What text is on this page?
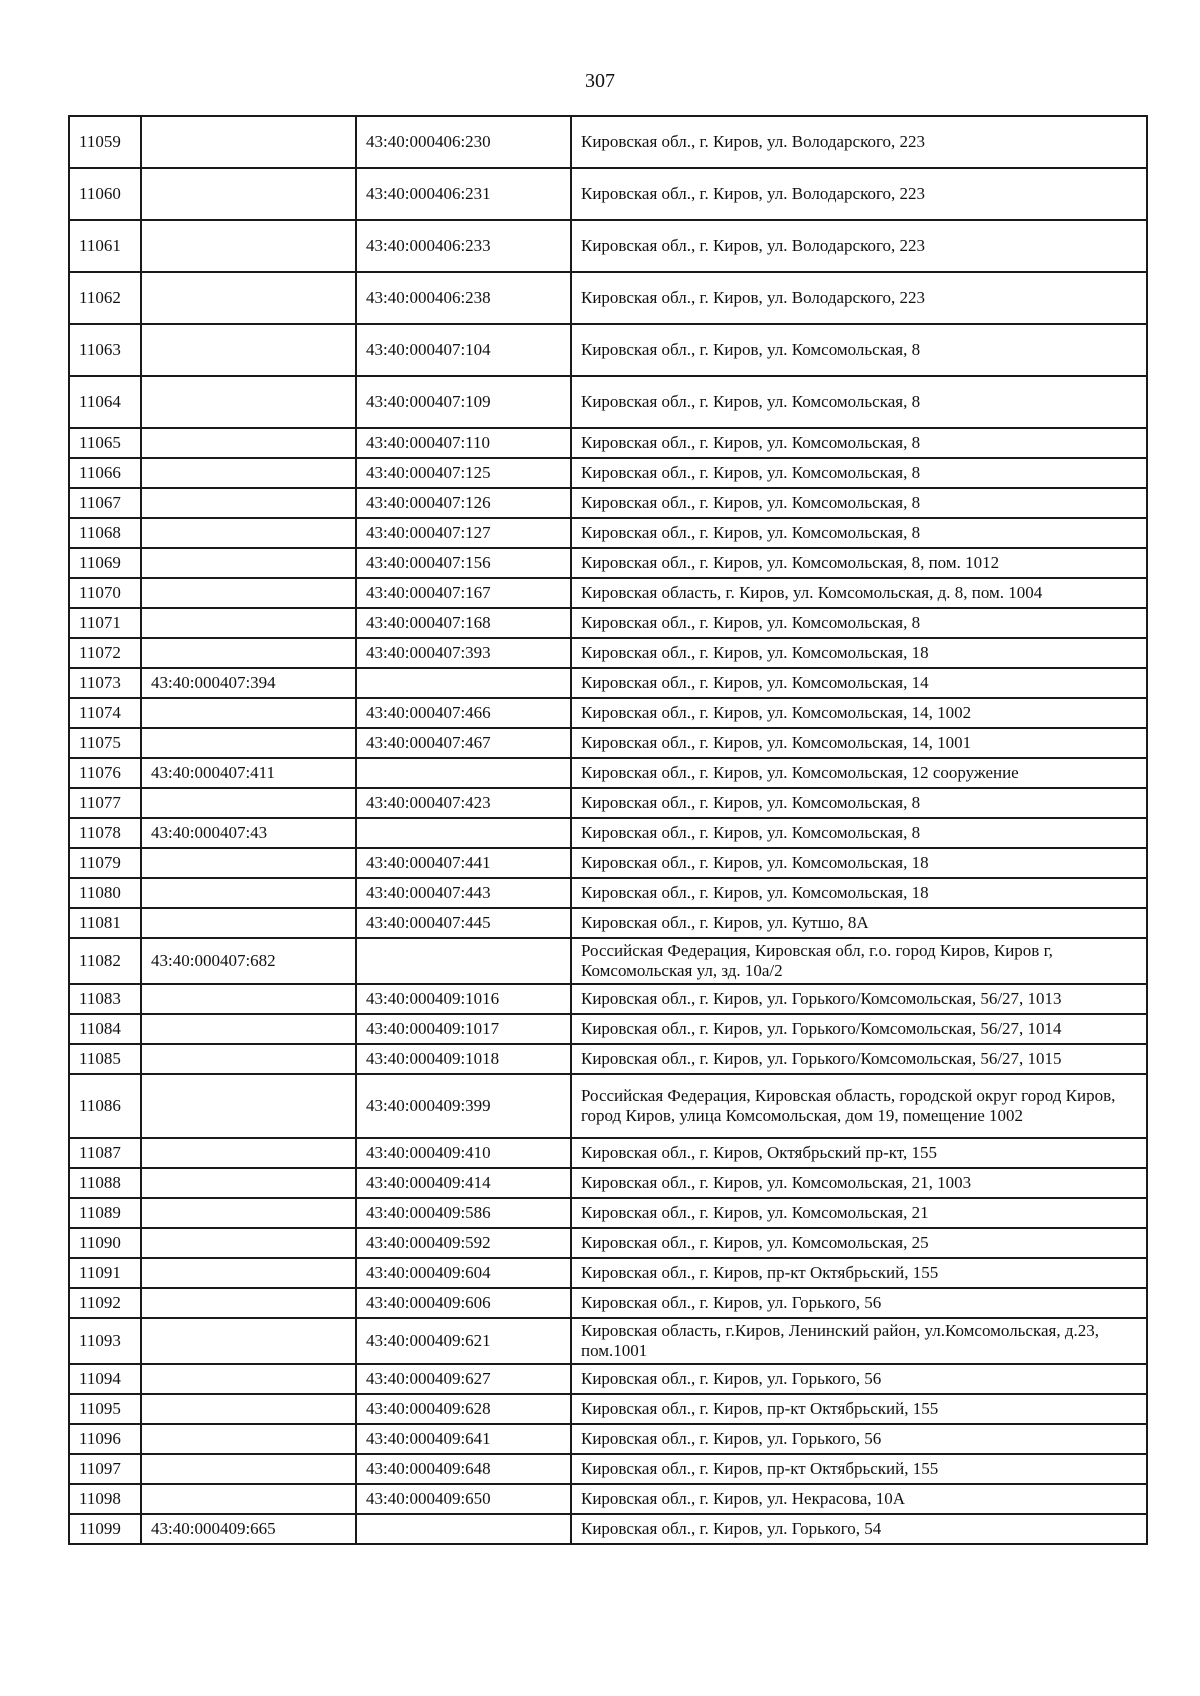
307
11059		43:40:000406:230	Кировская обл., г. Киров, ул. Володарского, 223
11060		43:40:000406:231	Кировская обл., г. Киров, ул. Володарского, 223
11061		43:40:000406:233	Кировская обл., г. Киров, ул. Володарского, 223
11062		43:40:000406:238	Кировская обл., г. Киров, ул. Володарского, 223
11063		43:40:000407:104	Кировская обл., г. Киров, ул. Комсомольская, 8
11064		43:40:000407:109	Кировская обл., г. Киров, ул. Комсомольская, 8
11065		43:40:000407:110	Кировская обл., г. Киров, ул. Комсомольская, 8
11066		43:40:000407:125	Кировская обл., г. Киров, ул. Комсомольская, 8
11067		43:40:000407:126	Кировская обл., г. Киров, ул. Комсомольская, 8
11068		43:40:000407:127	Кировская обл., г. Киров, ул. Комсомольская, 8
11069		43:40:000407:156	Кировская обл., г. Киров, ул. Комсомольская, 8, пом. 1012
11070		43:40:000407:167	Кировская область, г. Киров, ул. Комсомольская, д. 8, пом. 1004
11071		43:40:000407:168	Кировская обл., г. Киров, ул. Комсомольская, 8
11072		43:40:000407:393	Кировская обл., г. Киров, ул. Комсомольская, 18
11073	43:40:000407:394		Кировская обл., г. Киров, ул. Комсомольская, 14
11074		43:40:000407:466	Кировская обл., г. Киров, ул. Комсомольская, 14, 1002
11075		43:40:000407:467	Кировская обл., г. Киров, ул. Комсомольская, 14, 1001
11076	43:40:000407:411		Кировская обл., г. Киров, ул. Комсомольская, 12 сооружение
11077		43:40:000407:423	Кировская обл., г. Киров, ул. Комсомольская, 8
11078	43:40:000407:43		Кировская обл., г. Киров, ул. Комсомольская, 8
11079		43:40:000407:441	Кировская обл., г. Киров, ул. Комсомольская, 18
11080		43:40:000407:443	Кировская обл., г. Киров, ул. Комсомольская, 18
11081		43:40:000407:445	Кировская обл., г. Киров, ул. Кутшо, 8А
11082	43:40:000407:682		Российская Федерация, Кировская обл, г.о. город Киров, Киров г, Комсомольская ул, зд. 10а/2
11083		43:40:000409:1016	Кировская обл., г. Киров, ул. Горького/Комсомольская, 56/27, 1013
11084		43:40:000409:1017	Кировская обл., г. Киров, ул. Горького/Комсомольская, 56/27, 1014
11085		43:40:000409:1018	Кировская обл., г. Киров, ул. Горького/Комсомольская, 56/27, 1015
11086		43:40:000409:399	Российская Федерация, Кировская область, городской округ город Киров, город Киров, улица Комсомольская, дом 19, помещение 1002
11087		43:40:000409:410	Кировская обл., г. Киров, Октябрьский пр-кт, 155
11088		43:40:000409:414	Кировская обл., г. Киров, ул. Комсомольская, 21, 1003
11089		43:40:000409:586	Кировская обл., г. Киров, ул. Комсомольская, 21
11090		43:40:000409:592	Кировская обл., г. Киров, ул. Комсомольская, 25
11091		43:40:000409:604	Кировская обл., г. Киров, пр-кт Октябрьский, 155
11092		43:40:000409:606	Кировская обл., г. Киров, ул. Горького, 56
11093		43:40:000409:621	Кировская область, г.Киров, Ленинский район, ул.Комсомольская, д.23, пом.1001
11094		43:40:000409:627	Кировская обл., г. Киров, ул. Горького, 56
11095		43:40:000409:628	Кировская обл., г. Киров, пр-кт Октябрьский, 155
11096		43:40:000409:641	Кировская обл., г. Киров, ул. Горького, 56
11097		43:40:000409:648	Кировская обл., г. Киров, пр-кт Октябрьский, 155
11098		43:40:000409:650	Кировская обл., г. Киров, ул. Некрасова, 10А
11099	43:40:000409:665		Кировская обл., г. Киров, ул. Горького, 54
